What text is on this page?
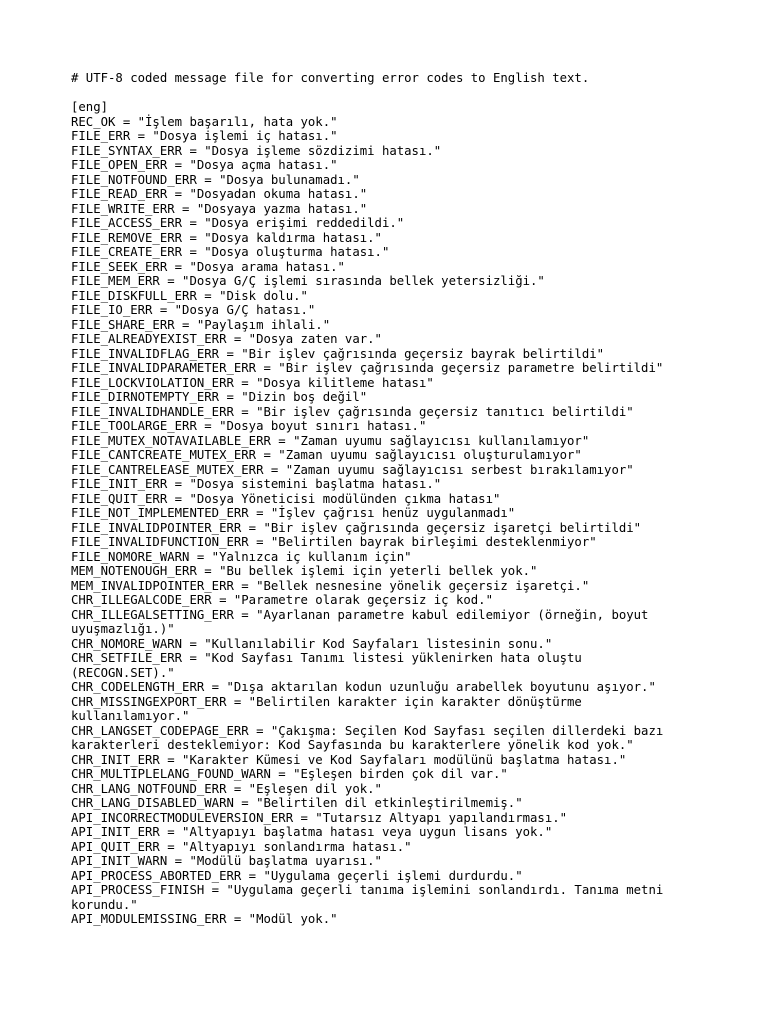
# UTF-8 coded message file for converting error codes to English text.
[eng]
REC_OK = "İşlem başarılı, hata yok."
FILE_ERR = "Dosya işlemi iç hatası."
FILE_SYNTAX_ERR = "Dosya işleme sözdizimi hatası."
FILE_OPEN_ERR = "Dosya açma hatası."
FILE_NOTFOUND_ERR = "Dosya bulunamadı."
FILE_READ_ERR = "Dosyadan okuma hatası."
FILE_WRITE_ERR = "Dosyaya yazma hatası."
FILE_ACCESS_ERR = "Dosya erişimi reddedildi."
FILE_REMOVE_ERR = "Dosya kaldırma hatası."
FILE_CREATE_ERR = "Dosya oluşturma hatası."
FILE_SEEK_ERR = "Dosya arama hatası."
FILE_MEM_ERR = "Dosya G/Ç işlemi sırasında bellek yetersizliği."
FILE_DISKFULL_ERR = "Disk dolu."
FILE_IO_ERR = "Dosya G/Ç hatası."
FILE_SHARE_ERR = "Paylaşım ihlali."
FILE_ALREADYEXIST_ERR = "Dosya zaten var."
FILE_INVALIDFLAG_ERR = "Bir işlev çağrısında geçersiz bayrak belirtildi"
FILE_INVALIDPARAMETER_ERR = "Bir işlev çağrısında geçersiz parametre belirtildi"
FILE_LOCKVIOLATION_ERR = "Dosya kilitleme hatası"
FILE_DIRNOTEMPTY_ERR = "Dizin boş değil"
FILE_INVALIDHANDLE_ERR = "Bir işlev çağrısında geçersiz tanıtıcı belirtildi"
FILE_TOOLARGE_ERR = "Dosya boyut sınırı hatası."
FILE_MUTEX_NOTAVAILABLE_ERR = "Zaman uyumu sağlayıcısı kullanılamıyor"
FILE_CANTCREATE_MUTEX_ERR = "Zaman uyumu sağlayıcısı oluşturulamıyor"
FILE_CANTRELEASE_MUTEX_ERR = "Zaman uyumu sağlayıcısı serbest bırakılamıyor"
FILE_INIT_ERR = "Dosya sistemini başlatma hatası."
FILE_QUIT_ERR = "Dosya Yöneticisi modülünden çıkma hatası"
FILE_NOT_IMPLEMENTED_ERR = "İşlev çağrısı henüz uygulanmadı"
FILE_INVALIDPOINTER_ERR = "Bir işlev çağrısında geçersiz işaretçi belirtildi"
FILE_INVALIDFUNCTION_ERR = "Belirtilen bayrak birleşimi desteklenmiyor"
FILE_NOMORE_WARN = "Yalnızca iç kullanım için"
MEM_NOTENOUGH_ERR = "Bu bellek işlemi için yeterli bellek yok."
MEM_INVALIDPOINTER_ERR = "Bellek nesnesine yönelik geçersiz işaretçi."
CHR_ILLEGALCODE_ERR = "Parametre olarak geçersiz iç kod."
CHR_ILLEGALSETTING_ERR = "Ayarlanan parametre kabul edilemiyor (örneğin, boyut
uyuşmazlığı.)"
CHR_NOMORE_WARN = "Kullanılabilir Kod Sayfaları listesinin sonu."
CHR_SETFILE_ERR = "Kod Sayfası Tanımı listesi yüklenirken hata oluştu
(RECOGN.SET)."
CHR_CODELENGTH_ERR = "Dışa aktarılan kodun uzunluğu arabellek boyutunu aşıyor."
CHR_MISSINGEXPORT_ERR = "Belirtilen karakter için karakter dönüştürme
kullanılamıyor."
CHR_LANGSET_CODEPAGE_ERR = "Çakışma: Seçilen Kod Sayfası seçilen dillerdeki bazı
karakterleri desteklemiyor: Kod Sayfasında bu karakterlere yönelik kod yok."
CHR_INIT_ERR = "Karakter Kümesi ve Kod Sayfaları modülünü başlatma hatası."
CHR_MULTIPLELANG_FOUND_WARN = "Eşleşen birden çok dil var."
CHR_LANG_NOTFOUND_ERR = "Eşleşen dil yok."
CHR_LANG_DISABLED_WARN = "Belirtilen dil etkinleştirilmemiş."
API_INCORRECTMODULEVERSION_ERR = "Tutarsız Altyapı yapılandırması."
API_INIT_ERR = "Altyapıyı başlatma hatası veya uygun lisans yok."
API_QUIT_ERR = "Altyapıyı sonlandırma hatası."
API_INIT_WARN = "Modülü başlatma uyarısı."
API_PROCESS_ABORTED_ERR = "Uygulama geçerli işlemi durdurdu."
API_PROCESS_FINISH = "Uygulama geçerli tanıma işlemini sonlandırdı. Tanıma metni
korundu."
API_MODULEMISSING_ERR = "Modül yok."
